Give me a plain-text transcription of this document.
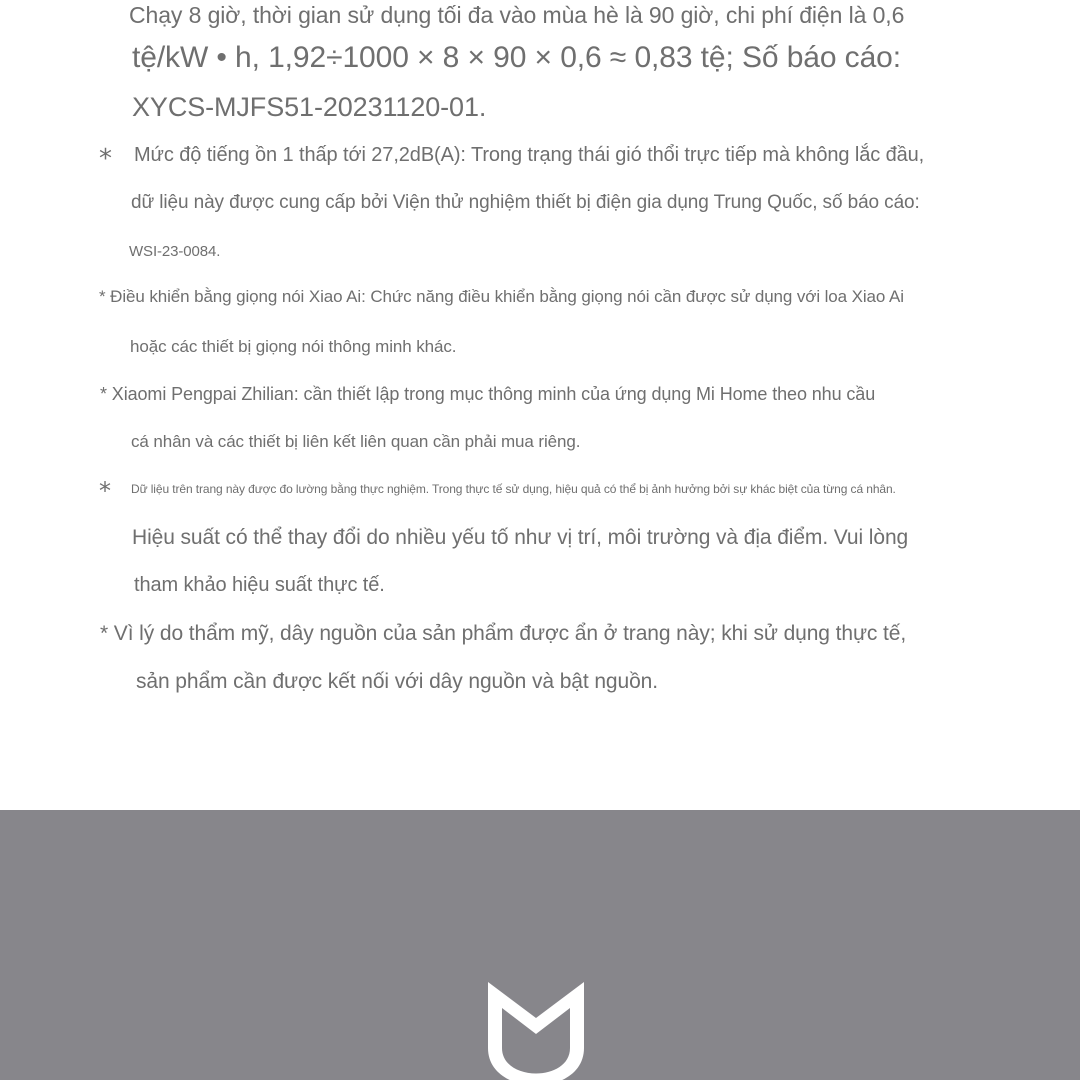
Chạy 8 giờ, thời gian sử dụng tối đa vào mùa hè là 90 giờ, chi phí điện là 0,6
tệ/kW • h, 1,92÷1000 × 8 × 90 × 0,6 ≈ 0,83 tệ; Số báo cáo:
XYCS-MJFS51-20231120-01.
* Mức độ tiếng ồn 1 thấp tới 27,2dB(A): Trong trạng thái gió thổi trực tiếp mà không lắc đầu,
dữ liệu này được cung cấp bởi Viện thử nghiệm thiết bị điện gia dụng Trung Quốc, số báo cáo:
WSI-23-0084.
* Điều khiển bằng giọng nói Xiao Ai: Chức năng điều khiển bằng giọng nói cần được sử dụng với loa Xiao Ai
hoặc các thiết bị giọng nói thông minh khác.
* Xiaomi Pengpai Zhilian: cần thiết lập trong mục thông minh của ứng dụng Mi Home theo nhu cầu
cá nhân và các thiết bị liên kết liên quan cần phải mua riêng.
* Dữ liệu trên trang này được đo lường bằng thực nghiệm. Trong thực tế sử dụng, hiệu quả có thể bị ảnh hưởng bởi sự khác biệt của từng cá nhân.
Hiệu suất có thể thay đổi do nhiều yếu tố như vị trí, môi trường và địa điểm. Vui lòng
tham khảo hiệu suất thực tế.
* Vì lý do thẩm mỹ, dây nguồn của sản phẩm được ẩn ở trang này; khi sử dụng thực tế,
sản phẩm cần được kết nối với dây nguồn và bật nguồn.
